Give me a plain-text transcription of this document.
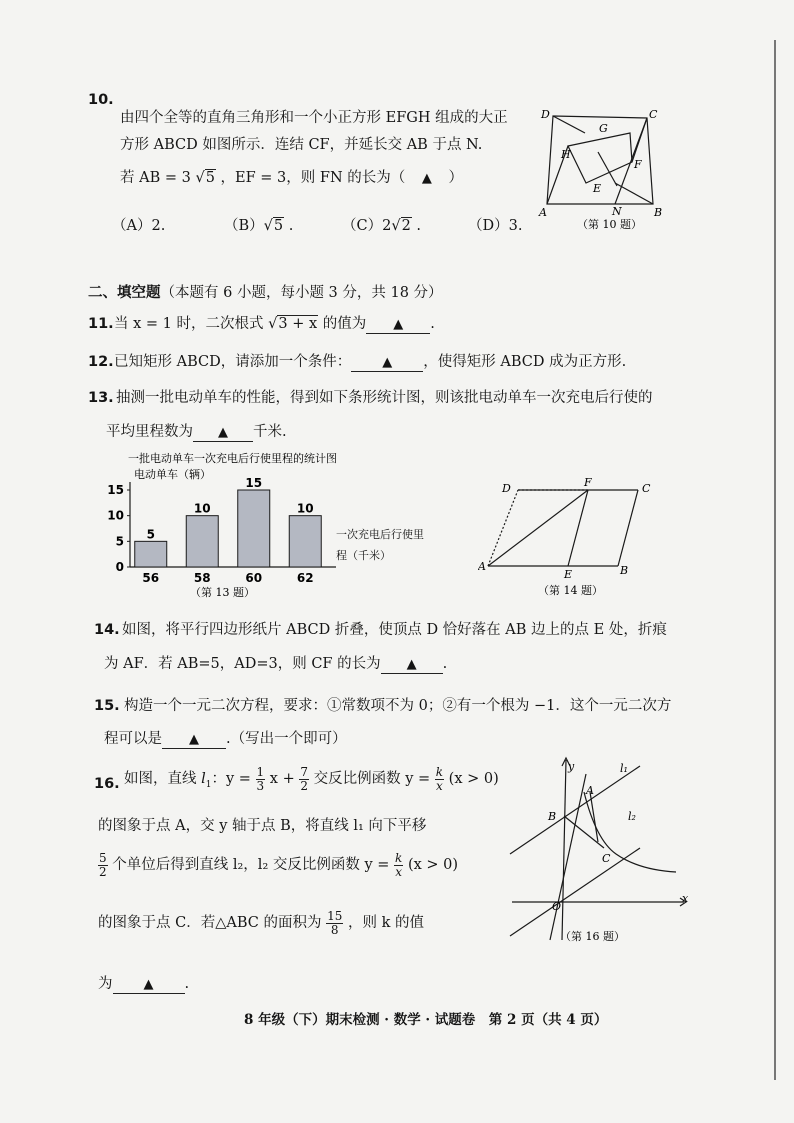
10.
由四个全等的直角三角形和一个小正方形 EFGH 组成的大正
方形 ABCD 如图所示．连结 CF，并延长交 AB 于点 N.
若 AB = 3 √5 ，EF = 3，则 FN 的长为（ ▲ ）
（A）2.	（B）√5 .	（C）2√2 .	（D）3.
D	C
G
H
F
E
A	N	B
（第 10 题）
二、填空题（本题有 6 小题，每小题 3 分，共 18 分）
11. 当 x = 1 时，二次根式 √3 + x 的值为 ▲ .
12. 已知矩形 ABCD，请添加一个条件： ▲ ，使得矩形 ABCD 成为正方形.
13. 抽测一批电动单车的性能，得到如下条形统计图，则该批电动单车一次充电后行使的
平均里程数为 ▲ 千米.
一批电动单车一次充电后行使里程的统计图
电动单车（辆）
0
5
10
15
5
56
10
58
15
60
10
62
一次充电后行使里程（千米）
（第 13 题）
D	F	C
A
E	B
（第 14 题）
14. 如图，将平行四边形纸片 ABCD 折叠，使顶点 D 恰好落在 AB 边上的点 E 处，折痕
为 AF．若 AB=5，AD=3，则 CF 的长为 ▲ .
15. 构造一个一元二次方程，要求：①常数项不为 0；②有一个根为 −1．这个一元二次方
程可以是 ▲ .（写出一个即可）
16. 如图，直线 $l_1$：$y = \frac{1}{3}$ $x + \frac{7}{2}$ 交反比例函数 $y = \frac{k}{x} (x > 0)$
的图象于点 A，交 y 轴于点 B，将直线 l₁ 向下平移
$\frac{5}{2}$ 个单位后得到直线 l₂，l₂ 交反比例函数 $y = \frac{k}{x} (x > 0)$
的图象于点 C．若△ABC 的面积为 $\frac{15}{8}$ ，则 k 的值
为 ▲ .
y	l₁
A
B	l₂
C
O
x
（第 16 题）
8 年级（下）期末检测 · 数学 · 试题卷　第 2 页（共 4 页）
